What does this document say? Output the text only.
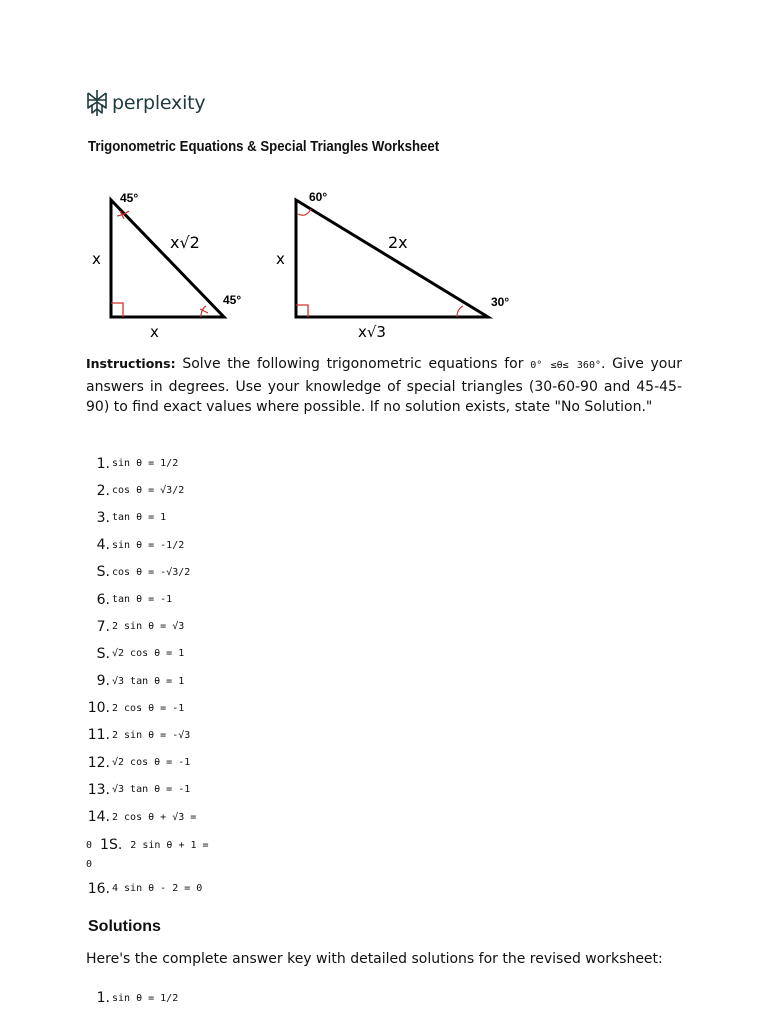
perplexity
Trigonometric Equations & Special Triangles Worksheet
45°
45°
x
x√2
x
60°
30°
x
2x
x√3
Instructions: Solve the following trigonometric equations for 0° ≤θ≤ 360°. Give your answers in degrees. Use your knowledge of special triangles (30-60-90 and 45-45-90) to find exact values where possible. If no solution exists, state "No Solution."
1. sin θ = 1/2
2. cos θ = √3/2
3. tan θ = 1
4. sin θ = -1/2
S. cos θ = -√3/2
6. tan θ = -1
7. 2 sin θ = √3
S. √2 cos θ = 1
9. √3 tan θ = 1
10. 2 cos θ = -1
11. 2 sin θ = -√3
12. √2 cos θ = -1
13. √3 tan θ = -1
14. 2 cos θ + √3 =
0 1S. 2 sin θ + 1 =
0
16. 4 sin θ - 2 = 0
Solutions
Here's the complete answer key with detailed solutions for the revised worksheet:
1. sin θ = 1/2
